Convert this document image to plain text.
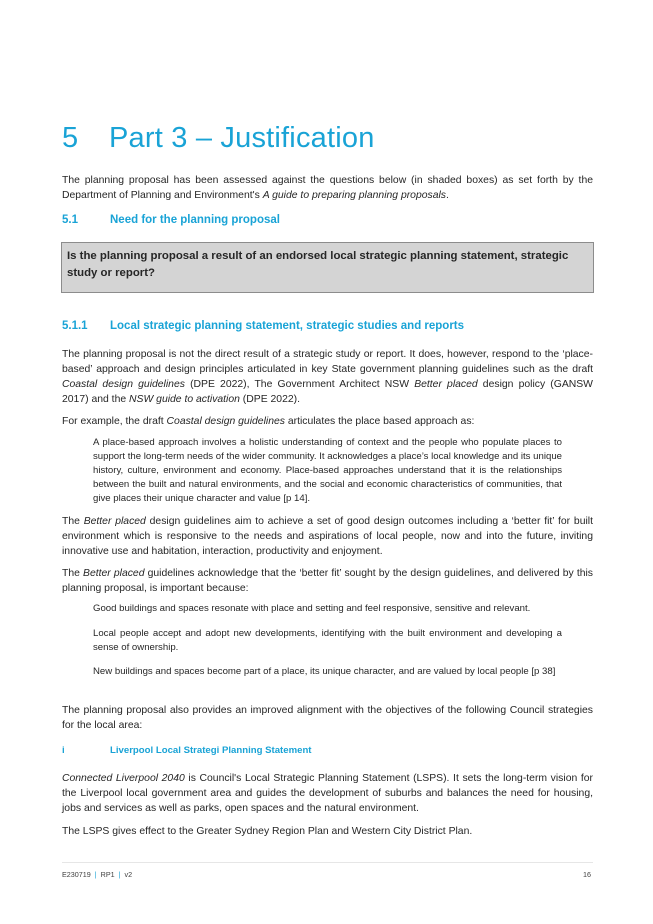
5 Part 3 – Justification

The planning proposal has been assessed against the questions below (in shaded boxes) as set forth by the Department of Planning and Environment's A guide to preparing planning proposals.

5.1	Need for the planning proposal
Is the planning proposal a result of an endorsed local strategic planning statement, strategic study or report?
5.1.1 Local strategic planning statement, strategic studies and reports

The planning proposal is not the direct result of a strategic study or report. It does, however, respond to the ‘place-based’ approach and design principles articulated in key State government planning guidelines such as the draft Coastal design guidelines (DPE 2022), The Government Architect NSW Better placed design policy (GANSW 2017) and the NSW guide to activation (DPE 2022).

For example, the draft Coastal design guidelines articulates the place based approach as:

A place-based approach involves a holistic understanding of context and the people who populate places to support the long-term needs of the wider community. It acknowledges a place’s local knowledge and its unique history, culture, environment and economy. Place-based approaches understand that it is the relationships between the built and natural environments, and the social and economic characteristics of communities, that give places their unique character and value [p 14].

The Better placed design guidelines aim to achieve a set of good design outcomes including a ‘better fit’ for built environment which is responsive to the needs and aspirations of local people, now and into the future, inviting innovative use and habitation, interaction, productivity and enjoyment.

The Better placed guidelines acknowledge that the ‘better fit’ sought by the design guidelines, and delivered by this planning proposal, is important because:

Good buildings and spaces resonate with place and setting and feel responsive, sensitive and relevant.

Local people accept and adopt new developments, identifying with the built environment and developing a sense of ownership.

New buildings and spaces become part of a place, its unique character, and are valued by local people [p 38]

The planning proposal also provides an improved alignment with the objectives of the following Council strategies for the local area:

i	Liverpool Local Strategi Planning Statement

Connected Liverpool 2040 is Council's Local Strategic Planning Statement (LSPS). It sets the long-term vision for the Liverpool local government area and guides the development of suburbs and balances the need for housing, jobs and services as well as parks, open spaces and the natural environment.

The LSPS gives effect to the Greater Sydney Region Plan and Western City District Plan.

E230719 | RP1 | v2	16
